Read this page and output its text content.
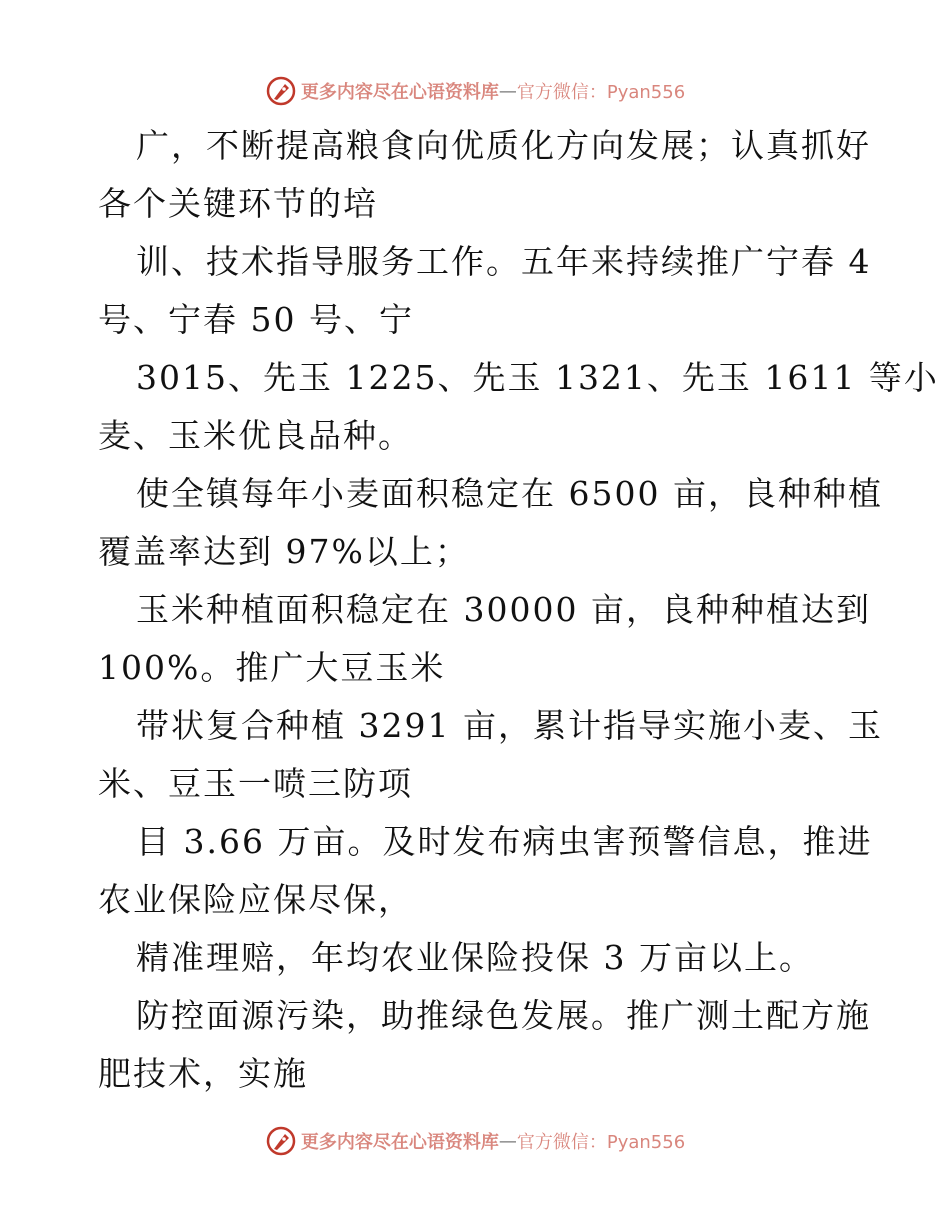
更多内容尽在心语资料库 — 官方微信：Pyan556
广，不断提高粮食向优质化方向发展；认真抓好
各个关键环节的培
训、技术指导服务工作。五年来持续推广宁春 4
号、宁春 50 号、宁
3015、先玉 1225、先玉 1321、先玉 1611 等小
麦、玉米优良品种。
使全镇每年小麦面积稳定在 6500 亩，良种种植
覆盖率达到 97%以上；
玉米种植面积稳定在 30000 亩，良种种植达到
100%。推广大豆玉米
带状复合种植 3291 亩，累计指导实施小麦、玉
米、豆玉一喷三防项
目 3.66 万亩。及时发布病虫害预警信息，推进
农业保险应保尽保，
精准理赔，年均农业保险投保 3 万亩以上。
防控面源污染，助推绿色发展。推广测土配方施
肥技术，实施
更多内容尽在心语资料库 — 官方微信：Pyan556
